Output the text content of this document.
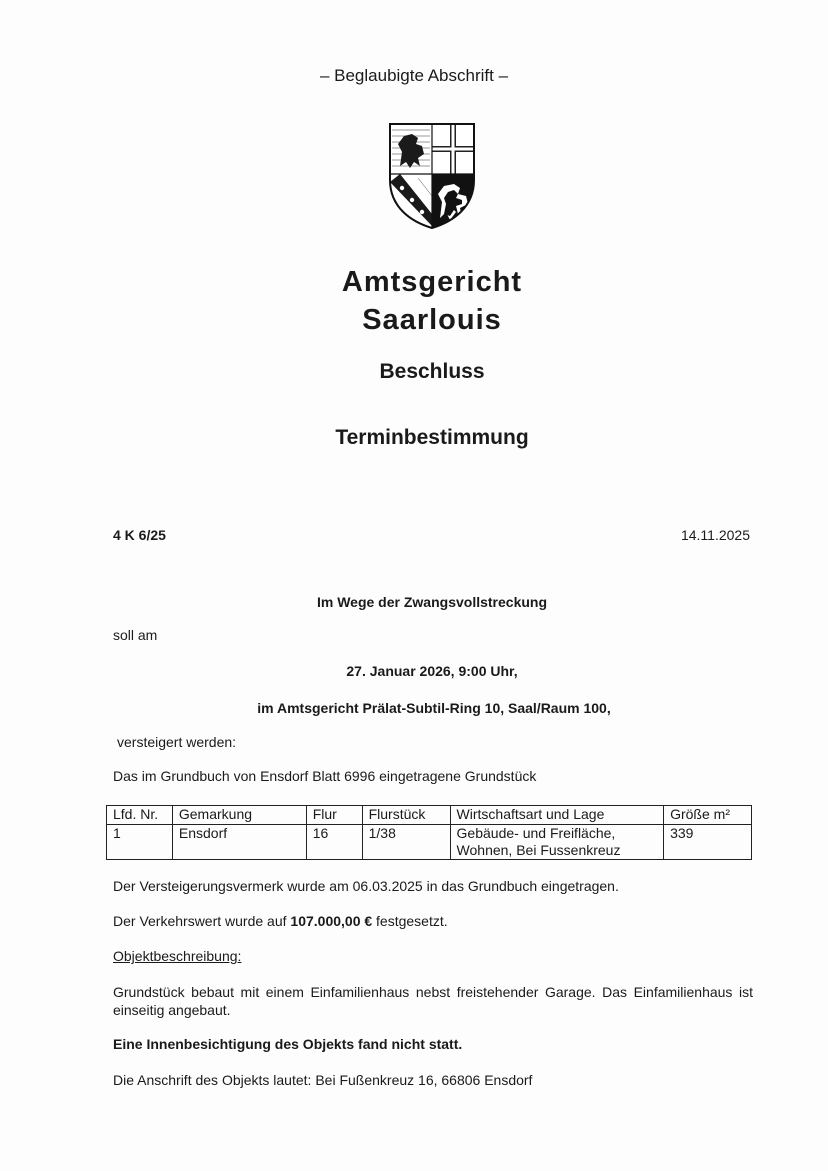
– Beglaubigte Abschrift –
Amtsgericht
Saarlouis
Beschluss
Terminbestimmung
4 K 6/25	14.11.2025
Im Wege der Zwangsvollstreckung
soll am
27. Januar 2026, 9:00 Uhr,
im Amtsgericht Prälat-Subtil-Ring 10, Saal/Raum 100,
versteigert werden:
Das im Grundbuch von Ensdorf Blatt 6996 eingetragene Grundstück
Lfd. Nr.	Gemarkung	Flur	Flurstück	Wirtschaftsart und Lage	Größe m²
1	Ensdorf	16	1/38	Gebäude- und Freifläche, Wohnen, Bei Fussenkreuz	339
Der Versteigerungsvermerk wurde am 06.03.2025 in das Grundbuch eingetragen.
Der Verkehrswert wurde auf 107.000,00 € festgesetzt.
Objektbeschreibung:
Grundstück bebaut mit einem Einfamilienhaus nebst freistehender Garage. Das Einfamilienhaus ist einseitig angebaut.
Eine Innenbesichtigung des Objekts fand nicht statt.
Die Anschrift des Objekts lautet: Bei Fußenkreuz 16, 66806 Ensdorf
